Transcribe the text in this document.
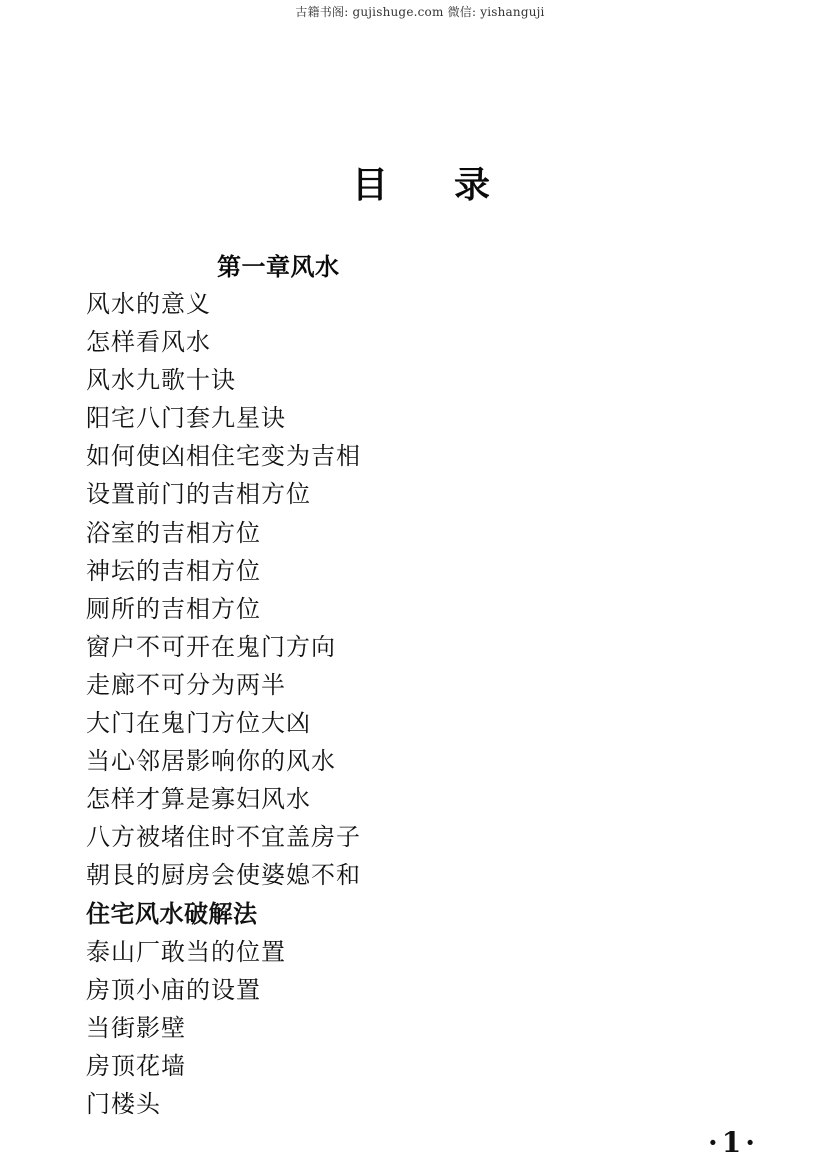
古籍书阁: gujishuge.com 微信: yishanguji
目 录
第一章风水
风水的意义
怎样看风水
风水九歌十诀
阳宅八门套九星诀
如何使凶相住宅变为吉相
设置前门的吉相方位
浴室的吉相方位
神坛的吉相方位
厕所的吉相方位
窗户不可开在鬼门方向
走廊不可分为两半
大门在鬼门方位大凶
当心邻居影响你的风水
怎样才算是寡妇风水
八方被堵住时不宜盖房子
朝艮的厨房会使婆媳不和
住宅风水破解法
泰山厂敢当的位置
房顶小庙的设置
当街影壁
房顶花墙
门楼头
·1·
